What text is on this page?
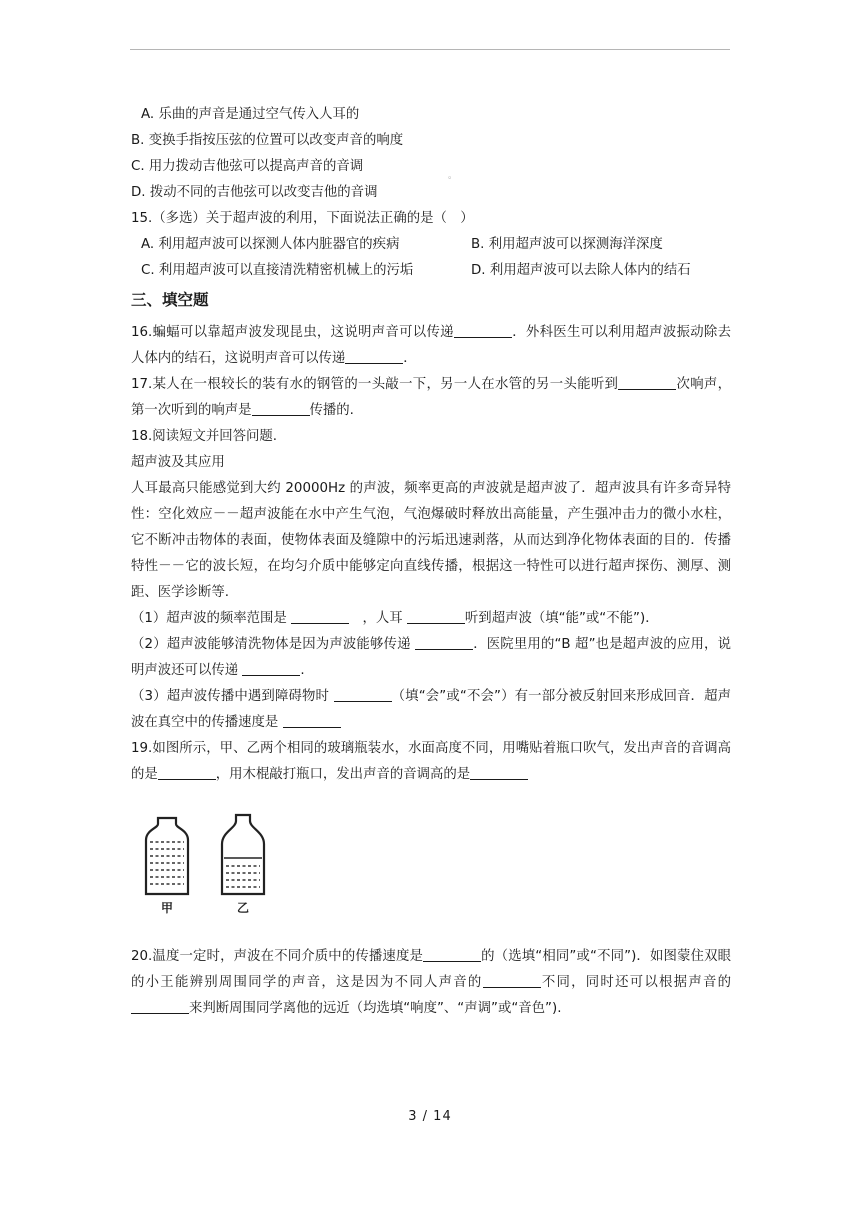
。
A. 乐曲的声音是通过空气传入人耳的
B. 变换手指按压弦的位置可以改变声音的响度
C. 用力拨动吉他弦可以提高声音的音调
D. 拨动不同的吉他弦可以改变吉他的音调
15.（多选）关于超声波的利用，下面说法正确的是（　）
A. 利用超声波可以探测人体内脏器官的疾病	B. 利用超声波可以探测海洋深度
C. 利用超声波可以直接清洗精密机械上的污垢	D. 利用超声波可以去除人体内的结石
三、填空题
16.蝙蝠可以靠超声波发现昆虫，这说明声音可以传递	．外科医生可以利用超声波振动除去人体内的结石，这说明声音可以传递	．
17.某人在一根较长的装有水的钢管的一头敲一下，另一人在水管的另一头能听到	次响声，第一次听到的响声是	传播的.
18.阅读短文并回答问题.
超声波及其应用
人耳最高只能感觉到大约 20000Hz 的声波，频率更高的声波就是超声波了．超声波具有许多奇异特性：空化效应－－超声波能在水中产生气泡，气泡爆破时释放出高能量，产生强冲击力的微小水柱，它不断冲击物体的表面，使物体表面及缝隙中的污垢迅速剥落，从而达到净化物体表面的目的．传播特性－－它的波长短，在均匀介质中能够定向直线传播，根据这一特性可以进行超声探伤、测厚、测距、医学诊断等.
（1）超声波的频率范围是 　	，人耳	听到超声波（填“能”或“不能”)．
（2）超声波能够清洗物体是因为声波能够传递	．医院里用的“B 超”也是超声波的应用，说明声波还可以传递	.
（3）超声波传播中遇到障碍物时	（填“会”或“不会”）有一部分被反射回来形成回音．超声波在真空中的传播速度是
19.如图所示，甲、乙两个相同的玻璃瓶装水，水面高度不同，用嘴贴着瓶口吹气，发出声音的音调高的是	，用木棍敲打瓶口，发出声音的音调高的是
20.温度一定时，声波在不同介质中的传播速度是	的（选填“相同”或“不同”)．如图蒙住双眼的小王能辨别周围同学的声音，这是因为不同人声音的	不同，同时还可以根据声音的来判断周围同学离他的远近（均选填“响度”、“声调”或“音色”).
甲	乙
3 / 14
